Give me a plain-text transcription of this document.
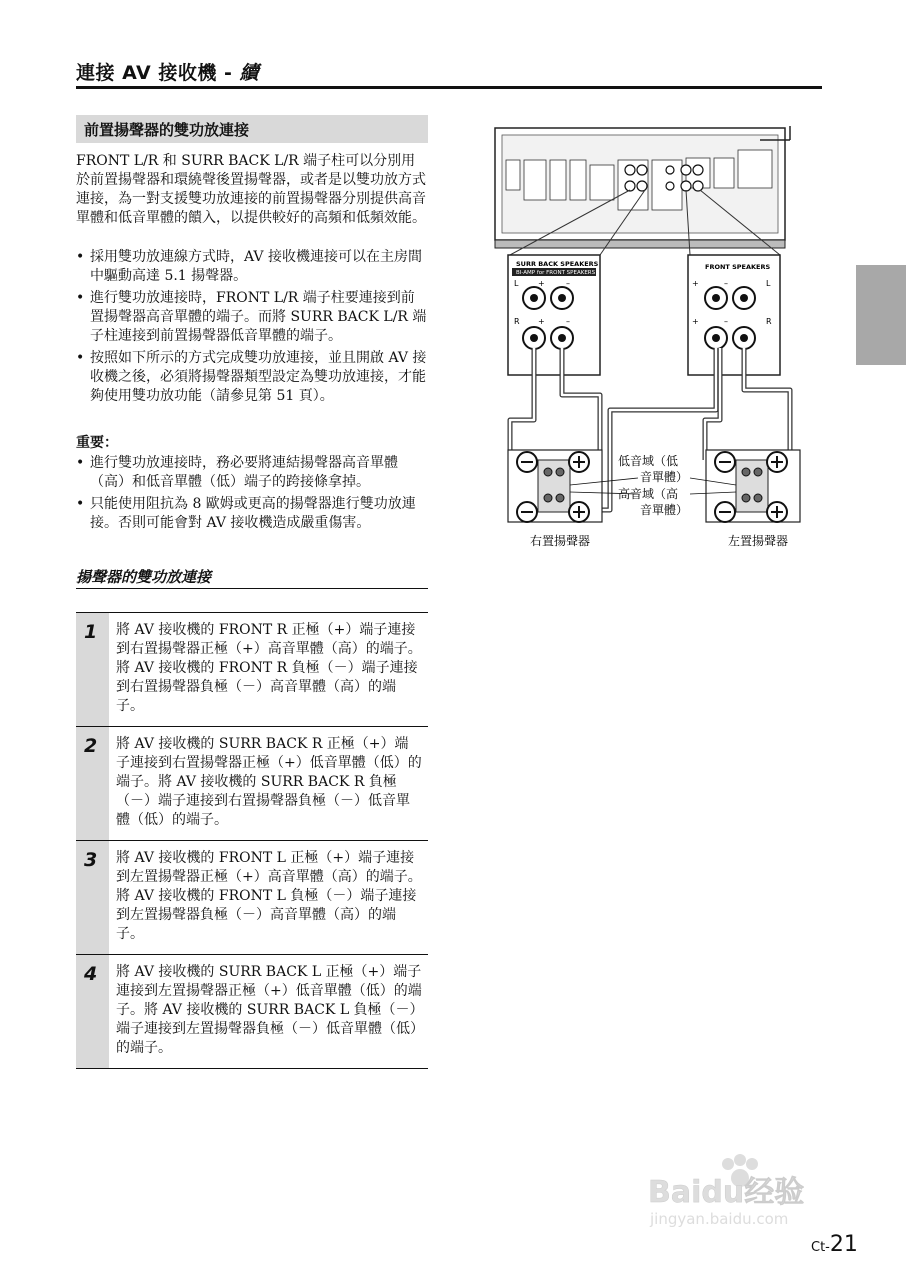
連接 AV 接收機 - 續
前置揚聲器的雙功放連接
FRONT L/R 和 SURR BACK L/R 端子柱可以分別用於前置揚聲器和環繞聲後置揚聲器，或者是以雙功放方式連接，為一對支援雙功放連接的前置揚聲器分別提供高音單體和低音單體的饋入，以提供較好的高頻和低頻效能。
• 採用雙功放連線方式時，AV 接收機連接可以在主房間中驅動高達 5.1 揚聲器。
• 進行雙功放連接時，FRONT L/R 端子柱要連接到前置揚聲器高音單體的端子。而將 SURR BACK L/R 端子柱連接到前置揚聲器低音單體的端子。
• 按照如下所示的方式完成雙功放連接，並且開啟 AV 接收機之後，必須將揚聲器類型設定為雙功放連接，才能夠使用雙功放功能（請參見第 51 頁）。
重要：
• 進行雙功放連接時，務必要將連結揚聲器高音單體（高）和低音單體（低）端子的跨接條拿掉。
• 只能使用阻抗為 8 歐姆或更高的揚聲器進行雙功放連接。否則可能會對 AV 接收機造成嚴重傷害。
揚聲器的雙功放連接
1 將 AV 接收機的 FRONT R 正極（+）端子連接到右置揚聲器正極（+）高音單體（高）的端子。將 AV 接收機的 FRONT R 負極（－）端子連接到右置揚聲器負極（－）高音單體（高）的端子。
2 將 AV 接收機的 SURR BACK R 正極（+）端子連接到右置揚聲器正極（+）低音單體（低）的端子。將 AV 接收機的 SURR BACK R 負極（－）端子連接到右置揚聲器負極（－）低音單體（低）的端子。
3 將 AV 接收機的 FRONT L 正極（+）端子連接到左置揚聲器正極（+）高音單體（高）的端子。將 AV 接收機的 FRONT L 負極（－）端子連接到左置揚聲器負極（－）高音單體（高）的端子。
4 將 AV 接收機的 SURR BACK L 正極（+）端子連接到左置揚聲器正極（+）低音單體（低）的端子。將 AV 接收機的 SURR BACK L 負極（－）端子連接到左置揚聲器負極（－）低音單體（低）的端子。
SURR BACK SPEAKERS
BI-AMP for FRONT SPEAKERS
L +	–
R +	–
FRONT SPEAKERS
+	–	L
+	–	R
右置揚聲器	左置揚聲器
低音域（低
音單體）
高音域（高
音單體）
Baidu经验
jingyan.baidu.com
Ct-21
